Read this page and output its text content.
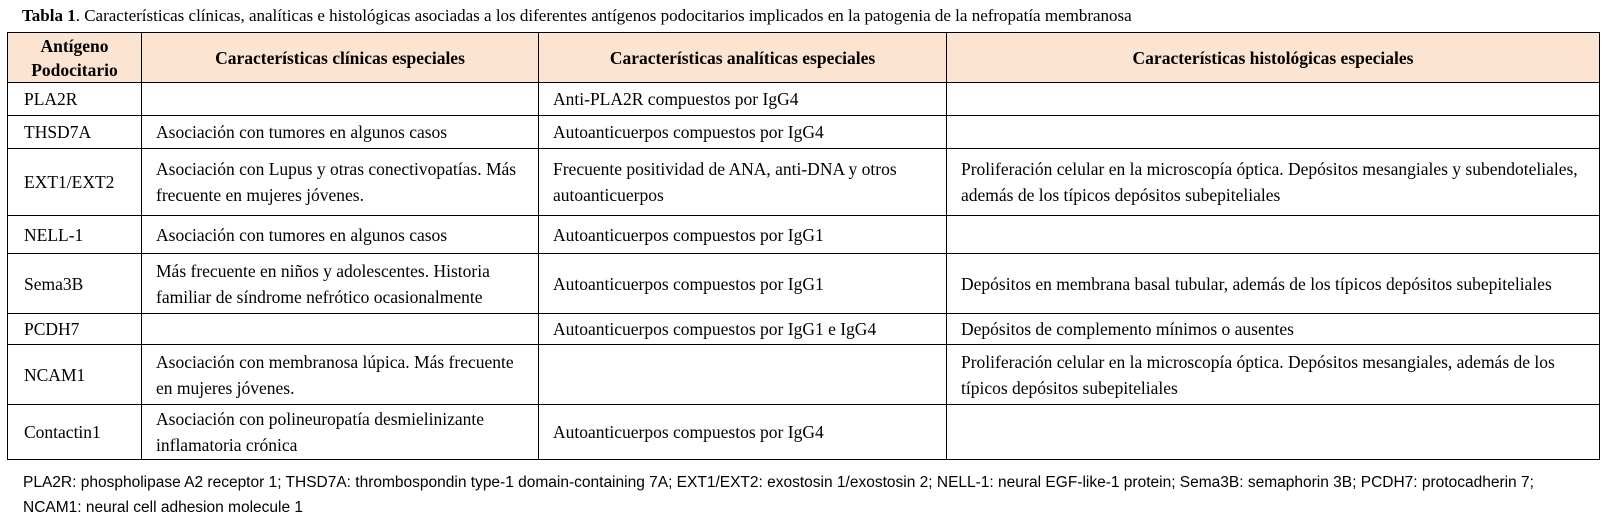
Tabla 1. Características clínicas, analíticas e histológicas asociadas a los diferentes antígenos podocitarios implicados en la patogenia de la nefropatía membranosa
Antígeno Podocitario	Características clínicas especiales	Características analíticas especiales	Características histológicas especiales
PLA2R		Anti-PLA2R compuestos por IgG4	
THSD7A	Asociación con tumores en algunos casos	Autoanticuerpos compuestos por IgG4	
EXT1/EXT2	Asociación con Lupus y otras conectivopatías. Más frecuente en mujeres jóvenes.	Frecuente positividad de ANA, anti-DNA y otros autoanticuerpos	Proliferación celular en la microscopía óptica. Depósitos mesangiales y subendoteliales, además de los típicos depósitos subepiteliales
NELL-1	Asociación con tumores en algunos casos	Autoanticuerpos compuestos por IgG1	
Sema3B	Más frecuente en niños y adolescentes. Historia familiar de síndrome nefrótico ocasionalmente	Autoanticuerpos compuestos por IgG1	Depósitos en membrana basal tubular, además de los típicos depósitos subepiteliales
PCDH7		Autoanticuerpos compuestos por IgG1 e IgG4	Depósitos de complemento mínimos o ausentes
NCAM1	Asociación con membranosa lúpica. Más frecuente en mujeres jóvenes.		Proliferación celular en la microscopía óptica. Depósitos mesangiales, además de los típicos depósitos subepiteliales
Contactin1	Asociación con polineuropatía desmielinizante inflamatoria crónica	Autoanticuerpos compuestos por IgG4	
PLA2R: phospholipase A2 receptor 1; THSD7A: thrombospondin type-1 domain-containing 7A; EXT1/EXT2: exostosin 1/exostosin 2; NELL-1: neural EGF-like-1 protein; Sema3B: semaphorin 3B; PCDH7: protocadherin 7; NCAM1: neural cell adhesion molecule 1
